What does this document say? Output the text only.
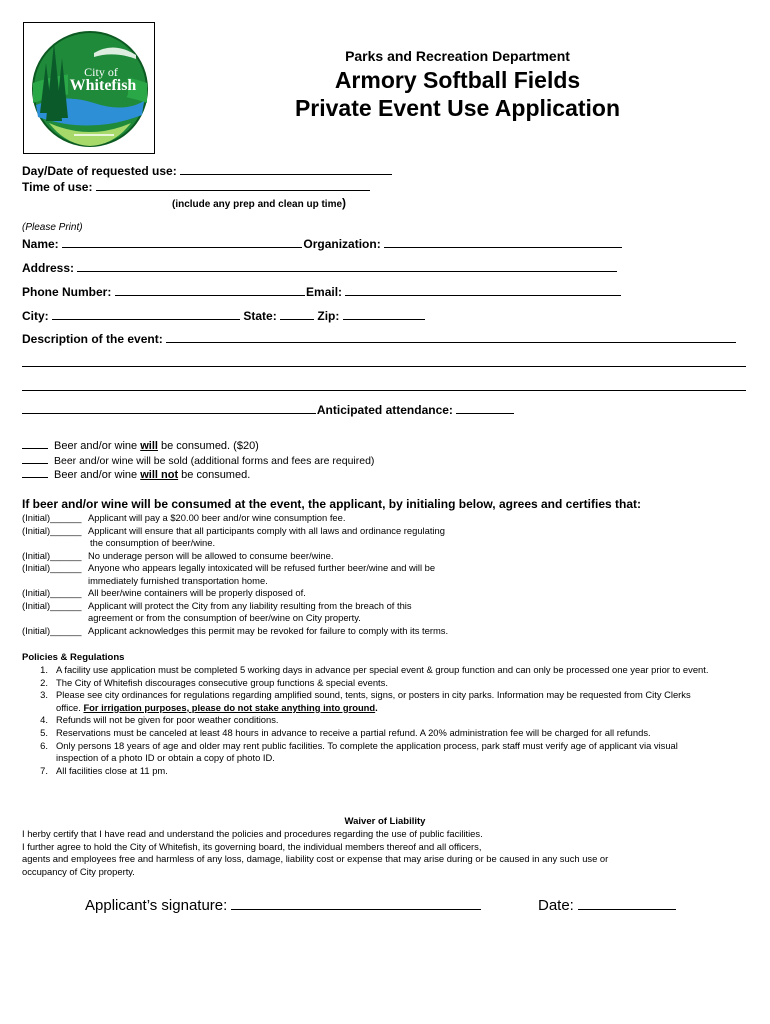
City of
Whitefish
Parks and Recreation Department
Armory Softball Fields
Private Event Use Application
Day/Date of requested use:
Time of use:
(include any prep and clean up time)
(Please Print)
Name:	Organization:
Address:
Phone Number:	Email:
City:	State:	Zip:
Description of the event:
Anticipated attendance:
Beer and/or wine will be consumed. ($20)
Beer and/or wine will be sold (additional forms and fees are required)
Beer and/or wine will not be consumed.
If beer and/or wine will be consumed at the event, the applicant, by initialing below, agrees and certifies that:
(Initial)______ Applicant will pay a $20.00 beer and/or wine consumption fee.
(Initial)______ Applicant will ensure that all participants comply with all laws and ordinance regulating
the consumption of beer/wine.
(Initial)______ No underage person will be allowed to consume beer/wine.
(Initial)______ Anyone who appears legally intoxicated will be refused further beer/wine and will be
immediately furnished transportation home.
(Initial)______ All beer/wine containers will be properly disposed of.
(Initial)______ Applicant will protect the City from any liability resulting from the breach of this
agreement or from the consumption of beer/wine on City property.
(Initial)______ Applicant acknowledges this permit may be revoked for failure to comply with its terms.
Policies & Regulations
1. A facility use application must be completed 5 working days in advance per special event & group function and can only be processed one year prior to event.
2. The City of Whitefish discourages consecutive group functions & special events.
3. Please see city ordinances for regulations regarding amplified sound, tents, signs, or posters in city parks. Information may be requested from City Clerks office. For irrigation purposes, please do not stake anything into ground.
4. Refunds will not be given for poor weather conditions.
5. Reservations must be canceled at least 48 hours in advance to receive a partial refund. A 20% administration fee will be charged for all refunds.
6. Only persons 18 years of age and older may rent public facilities. To complete the application process, park staff must verify age of applicant via visual inspection of a photo ID or obtain a copy of photo ID.
7. All facilities close at 11 pm.
Waiver of Liability
I herby certify that I have read and understand the policies and procedures regarding the use of public facilities.
I further agree to hold the City of Whitefish, its governing board, the individual members thereof and all officers,
agents and employees free and harmless of any loss, damage, liability cost or expense that may arise during or be caused in any such use or
occupancy of City property.
Applicant’s signature:	Date:
